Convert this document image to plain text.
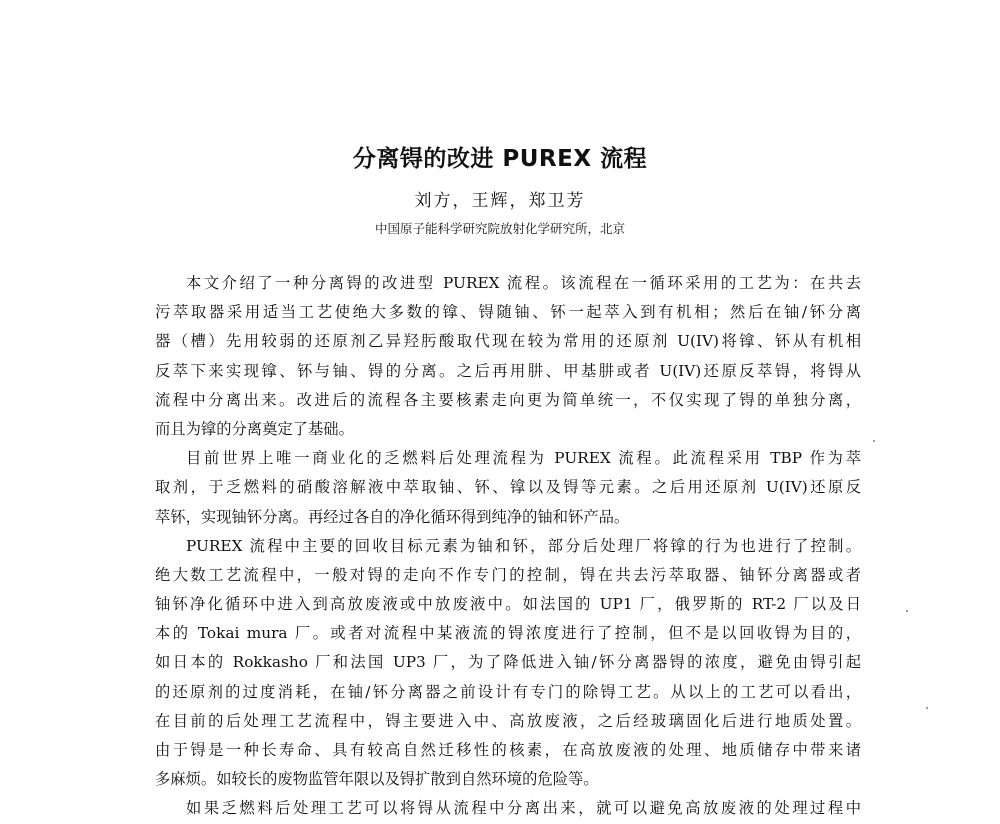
分离锝的改进 PUREX 流程
刘方，王辉，郑卫芳
中国原子能科学研究院放射化学研究所，北京
本文介绍了一种分离锝的改进型 PUREX 流程。该流程在一循环采用的工艺为：在共去
污萃取器采用适当工艺使绝大多数的镎、锝随铀、钚一起萃入到有机相；然后在铀/钚分离
器（槽）先用较弱的还原剂乙异羟肟酸取代现在较为常用的还原剂 U(IV)将镎、钚从有机相
反萃下来实现镎、钚与铀、锝的分离。之后再用肼、甲基肼或者 U(IV)还原反萃锝，将锝从
流程中分离出来。改进后的流程各主要核素走向更为简单统一，不仅实现了锝的单独分离，
而且为镎的分离奠定了基础。
目前世界上唯一商业化的乏燃料后处理流程为 PUREX 流程。此流程采用 TBP 作为萃
取剂，于乏燃料的硝酸溶解液中萃取铀、钚、镎以及锝等元素。之后用还原剂 U(IV)还原反
萃钚，实现铀钚分离。再经过各自的净化循环得到纯净的铀和钚产品。
PUREX 流程中主要的回收目标元素为铀和钚，部分后处理厂将镎的行为也进行了控制。
绝大数工艺流程中，一般对锝的走向不作专门的控制，锝在共去污萃取器、铀钚分离器或者
铀钚净化循环中进入到高放废液或中放废液中。如法国的 UP1 厂，俄罗斯的 RT-2 厂以及日
本的 Tokai mura 厂。或者对流程中某液流的锝浓度进行了控制，但不是以回收锝为目的，
如日本的 Rokkasho 厂和法国 UP3 厂，为了降低进入铀/钚分离器锝的浓度，避免由锝引起
的还原剂的过度消耗，在铀/钚分离器之前设计有专门的除锝工艺。从以上的工艺可以看出，
在目前的后处理工艺流程中，锝主要进入中、高放废液，之后经玻璃固化后进行地质处置。
由于锝是一种长寿命、具有较高自然迁移性的核素，在高放废液的处理、地质储存中带来诸
多麻烦。如较长的废物监管年限以及锝扩散到自然环境的危险等。
如果乏燃料后处理工艺可以将锝从流程中分离出来，就可以避免高放废液的处理过程中
